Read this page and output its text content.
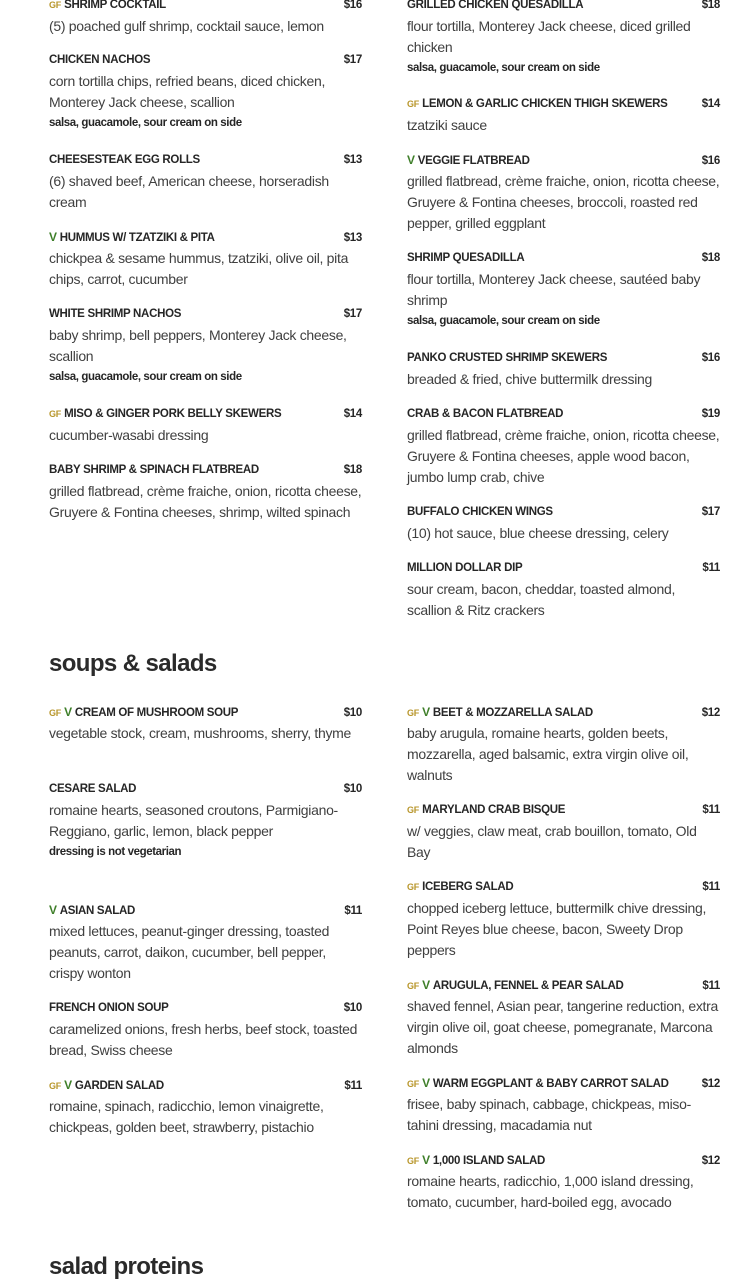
GF SHRIMP COCKTAIL	$16
(5) poached gulf shrimp, cocktail sauce, lemon
CHICKEN NACHOS	$17
corn tortilla chips, refried beans, diced chicken, Monterey Jack cheese, scallion
salsa, guacamole, sour cream on side
CHEESESTEAK EGG ROLLS	$13
(6) shaved beef, American cheese, horseradish cream
V HUMMUS W/ TZATZIKI & PITA	$13
chickpea & sesame hummus, tzatziki, olive oil, pita chips, carrot, cucumber
WHITE SHRIMP NACHOS	$17
baby shrimp, bell peppers, Monterey Jack cheese, scallion
salsa, guacamole, sour cream on side
GF MISO & GINGER PORK BELLY SKEWERS	$14
cucumber-wasabi dressing
BABY SHRIMP & SPINACH FLATBREAD	$18
grilled flatbread, crème fraiche, onion, ricotta cheese, Gruyere & Fontina cheeses, shrimp, wilted spinach
GRILLED CHICKEN QUESADILLA	$18
flour tortilla, Monterey Jack cheese, diced grilled chicken
salsa, guacamole, sour cream on side
GF LEMON & GARLIC CHICKEN THIGH SKEWERS	$14
tzatziki sauce
V VEGGIE FLATBREAD	$16
grilled flatbread, crème fraiche, onion, ricotta cheese, Gruyere & Fontina cheeses, broccoli, roasted red pepper, grilled eggplant
SHRIMP QUESADILLA	$18
flour tortilla, Monterey Jack cheese, sautéed baby shrimp
salsa, guacamole, sour cream on side
PANKO CRUSTED SHRIMP SKEWERS	$16
breaded & fried, chive buttermilk dressing
CRAB & BACON FLATBREAD	$19
grilled flatbread, crème fraiche, onion, ricotta cheese, Gruyere & Fontina cheeses, apple wood bacon, jumbo lump crab, chive
BUFFALO CHICKEN WINGS	$17
(10) hot sauce, blue cheese dressing, celery
MILLION DOLLAR DIP	$11
sour cream, bacon, cheddar, toasted almond, scallion & Ritz crackers
soups & salads
GF V CREAM OF MUSHROOM SOUP	$10
vegetable stock, cream, mushrooms, sherry, thyme
CESARE SALAD	$10
romaine hearts, seasoned croutons, Parmigiano-Reggiano, garlic, lemon, black pepper
dressing is not vegetarian
V ASIAN SALAD	$11
mixed lettuces, peanut-ginger dressing, toasted peanuts, carrot, daikon, cucumber, bell pepper, crispy wonton
FRENCH ONION SOUP	$10
caramelized onions, fresh herbs, beef stock, toasted bread, Swiss cheese
GF V GARDEN SALAD	$11
romaine, spinach, radicchio, lemon vinaigrette, chickpeas, golden beet, strawberry, pistachio
GF V BEET & MOZZARELLA SALAD	$12
baby arugula, romaine hearts, golden beets, mozzarella, aged balsamic, extra virgin olive oil, walnuts
GF MARYLAND CRAB BISQUE	$11
w/ veggies, claw meat, crab bouillon, tomato, Old Bay
GF ICEBERG SALAD	$11
chopped iceberg lettuce, buttermilk chive dressing, Point Reyes blue cheese, bacon, Sweety Drop peppers
GF V ARUGULA, FENNEL & PEAR SALAD	$11
shaved fennel, Asian pear, tangerine reduction, extra virgin olive oil, goat cheese, pomegranate, Marcona almonds
GF V WARM EGGPLANT & BABY CARROT SALAD	$12
frisee, baby spinach, cabbage, chickpeas, miso-tahini dressing, macadamia nut
GF V 1,000 ISLAND SALAD	$12
romaine hearts, radicchio, 1,000 island dressing, tomato, cucumber, hard-boiled egg, avocado
salad proteins
